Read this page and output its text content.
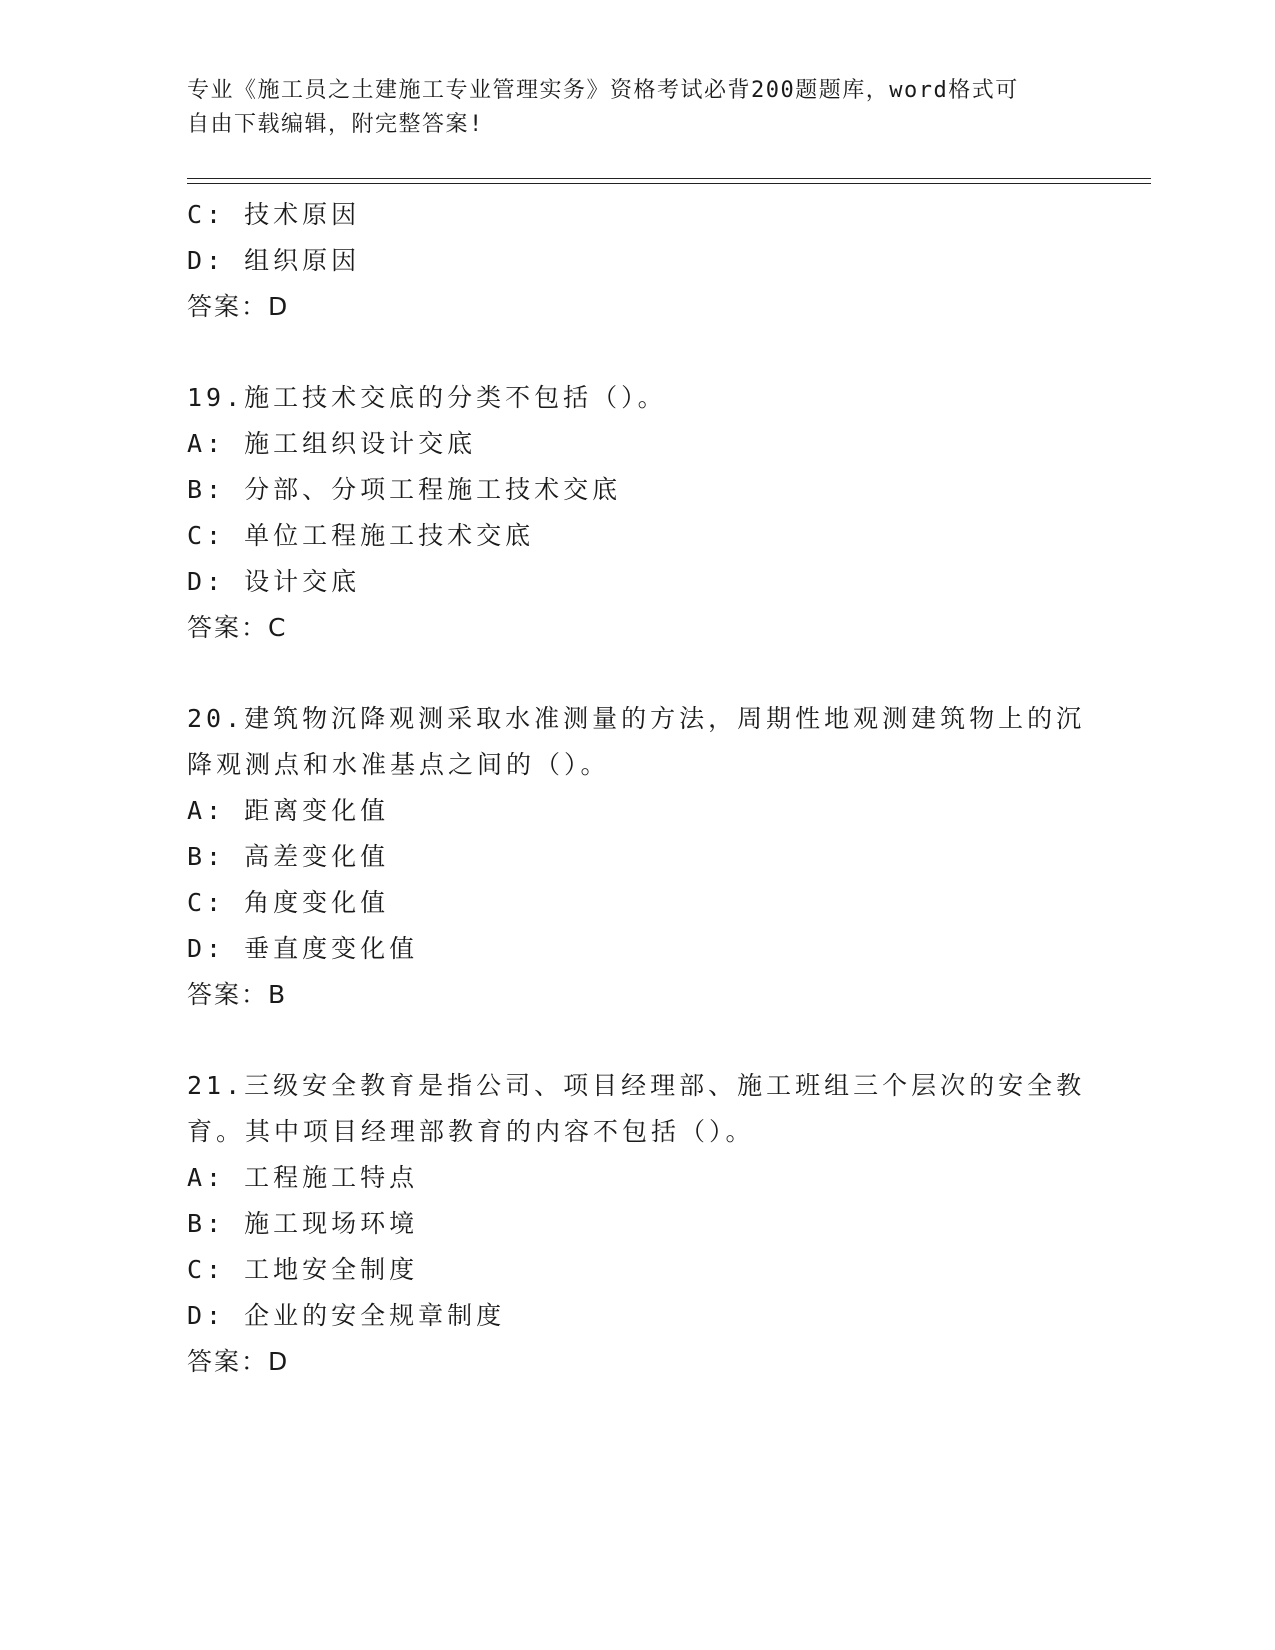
专业《施工员之土建施工专业管理实务》资格考试必背200题题库，word格式可
自由下载编辑，附完整答案!
C: 技术原因
D: 组织原因
答案：D
19.施工技术交底的分类不包括（）。
A: 施工组织设计交底
B: 分部、分项工程施工技术交底
C: 单位工程施工技术交底
D: 设计交底
答案：C
20.建筑物沉降观测采取水准测量的方法，周期性地观测建筑物上的沉
降观测点和水准基点之间的（）。
A: 距离变化值
B: 高差变化值
C: 角度变化值
D: 垂直度变化值
答案：B
21.三级安全教育是指公司、项目经理部、施工班组三个层次的安全教
育。其中项目经理部教育的内容不包括（）。
A: 工程施工特点
B: 施工现场环境
C: 工地安全制度
D: 企业的安全规章制度
答案：D
